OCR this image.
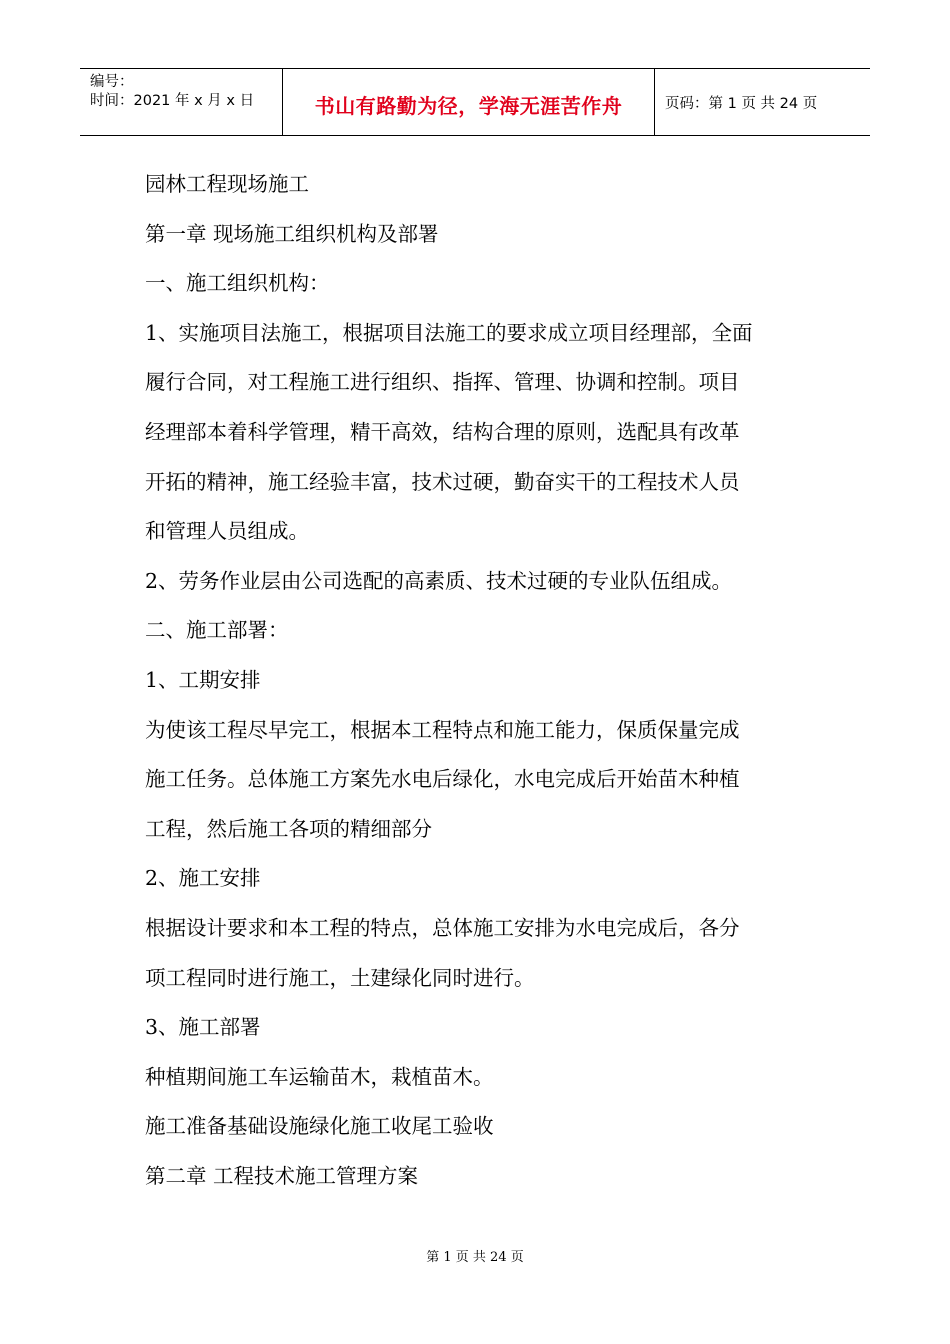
编号：
时间：2021 年 x 月 x 日	书山有路勤为径，学海无涯苦作舟	页码：第 1 页 共 24 页

园林工程现场施工

第一章 现场施工组织机构及部署

一、施工组织机构：

1、实施项目法施工，根据项目法施工的要求成立项目经理部，全面

履行合同，对工程施工进行组织、指挥、管理、协调和控制。项目

经理部本着科学管理，精干高效，结构合理的原则，选配具有改革

开拓的精神，施工经验丰富，技术过硬，勤奋实干的工程技术人员

和管理人员组成。

2、劳务作业层由公司选配的高素质、技术过硬的专业队伍组成。

二、施工部署：

1、工期安排

为使该工程尽早完工，根据本工程特点和施工能力，保质保量完成

施工任务。总体施工方案先水电后绿化，水电完成后开始苗木种植

工程，然后施工各项的精细部分

2、施工安排

根据设计要求和本工程的特点，总体施工安排为水电完成后，各分

项工程同时进行施工，土建绿化同时进行。

3、施工部署

种植期间施工车运输苗木，栽植苗木。

施工准备基础设施绿化施工收尾工验收

第二章 工程技术施工管理方案

第 1 页 共 24 页
